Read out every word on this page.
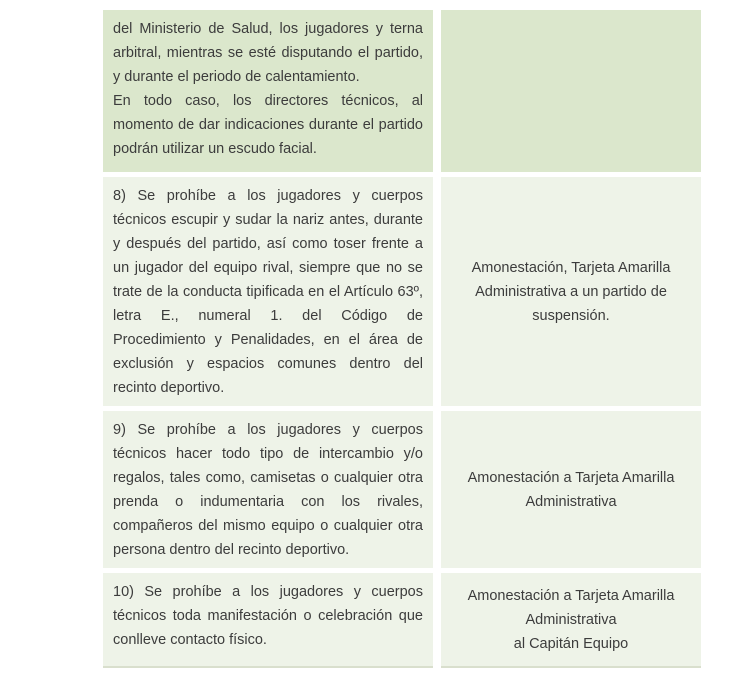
del Ministerio de Salud, los jugadores y terna arbitral, mientras se esté disputando el partido, y durante el periodo de calentamiento.

En todo caso, los directores técnicos, al momento de dar indicaciones durante el partido podrán utilizar un escudo facial.

8) Se prohíbe a los jugadores y cuerpos técnicos escupir y sudar la nariz antes, durante y después del partido, así como toser frente a un jugador del equipo rival, siempre que no se trate de la conducta tipificada en el Artículo 63º, letra E., numeral 1. del Código de Procedimiento y Penalidades, en el área de exclusión y espacios comunes dentro del recinto deportivo.

Amonestación, Tarjeta Amarilla
Administrativa a un partido de
suspensión.

9) Se prohíbe a los jugadores y cuerpos técnicos hacer todo tipo de intercambio y/o regalos, tales como, camisetas o cualquier otra prenda o indumentaria con los rivales, compañeros del mismo equipo o cualquier otra persona dentro del recinto deportivo.

Amonestación a Tarjeta Amarilla
Administrativa

10) Se prohíbe a los jugadores y cuerpos técnicos toda manifestación o celebración que conlleve contacto físico.

Amonestación a Tarjeta Amarilla
Administrativa
al Capitán Equipo
